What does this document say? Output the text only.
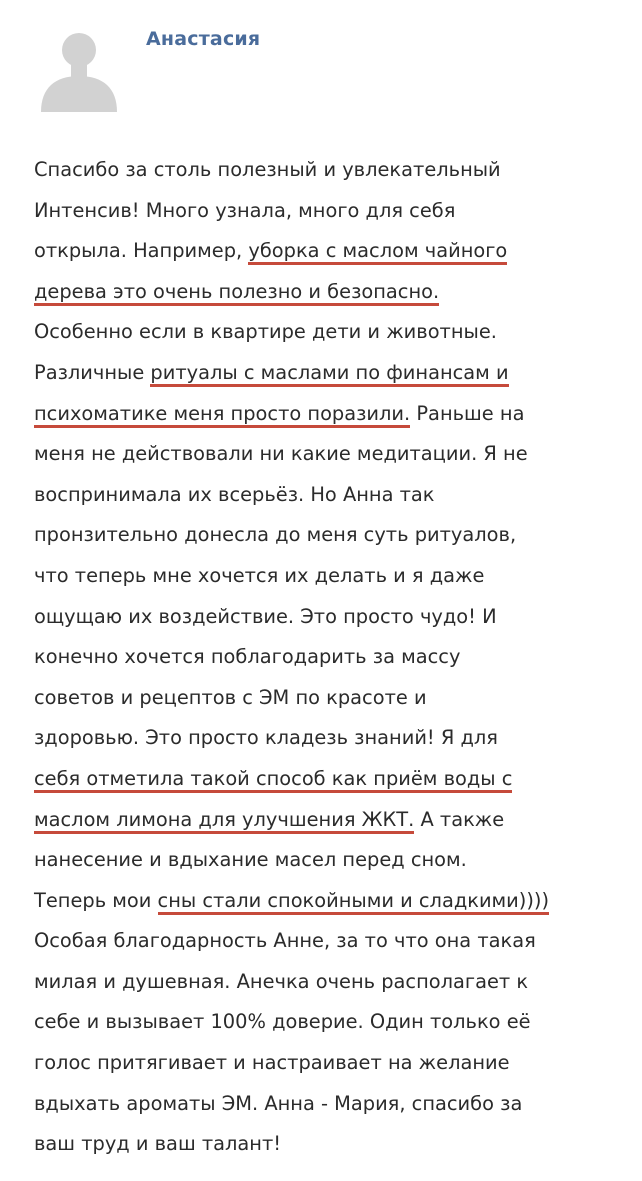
Анастасия
Спасибо за столь полезный и увлекательный
Интенсив! Много узнала, много для себя
открыла. Например, уборка с маслом чайного
дерева это очень полезно и безопасно.
Особенно если в квартире дети и животные.
Различные ритуалы с маслами по финансам и
психоматике меня просто поразили. Раньше на
меня не действовали ни какие медитации. Я не
воспринимала их всерьёз. Но Анна так
пронзительно донесла до меня суть ритуалов,
что теперь мне хочется их делать и я даже
ощущаю их воздействие. Это просто чудо! И
конечно хочется поблагодарить за массу
советов и рецептов с ЭМ по красоте и
здоровью. Это просто кладезь знаний! Я для
себя отметила такой способ как приём воды с
маслом лимона для улучшения ЖКТ. А также
нанесение и вдыхание масел перед сном.
Теперь мои сны стали спокойными и сладкими))))
Особая благодарность Анне, за то что она такая
милая и душевная. Анечка очень располагает к
себе и вызывает 100% доверие. Один только её
голос притягивает и настраивает на желание
вдыхать ароматы ЭМ. Анна - Мария, спасибо за
ваш труд и ваш талант!
